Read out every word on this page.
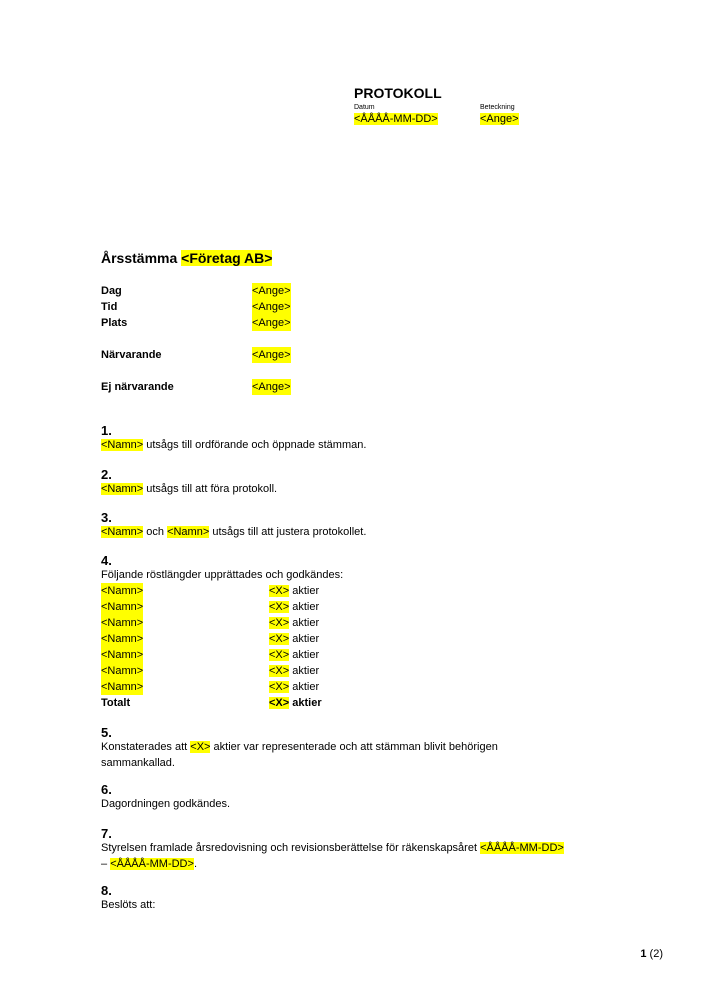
PROTOKOLL
Datum
<ÅÅÅÅ-MM-DD>
Beteckning
<Ange>
Årsstämma <Företag AB>
Dag	<Ange>
Tid	<Ange>
Plats	<Ange>
Närvarande	<Ange>
Ej närvarande	<Ange>
1.
<Namn> utsågs till ordförande och öppnade stämman.
2.
<Namn> utsågs till att föra protokoll.
3.
<Namn> och <Namn> utsågs till att justera protokollet.
4.
Följande röstlängder upprättades och godkändes:
<Namn>	<X> aktier
<Namn>	<X> aktier
<Namn>	<X> aktier
<Namn>	<X> aktier
<Namn>	<X> aktier
<Namn>	<X> aktier
<Namn>	<X> aktier
Totalt	<X> aktier
5.
Konstaterades att <X> aktier var representerade och att stämman blivit behörigen
sammankallad.
6.
Dagordningen godkändes.
7.
Styrelsen framlade årsredovisning och revisionsberättelse för räkenskapsåret <ÅÅÅÅ-MM-DD>
– <ÅÅÅÅ-MM-DD>.
8.
Beslöts att:
1 (2)
